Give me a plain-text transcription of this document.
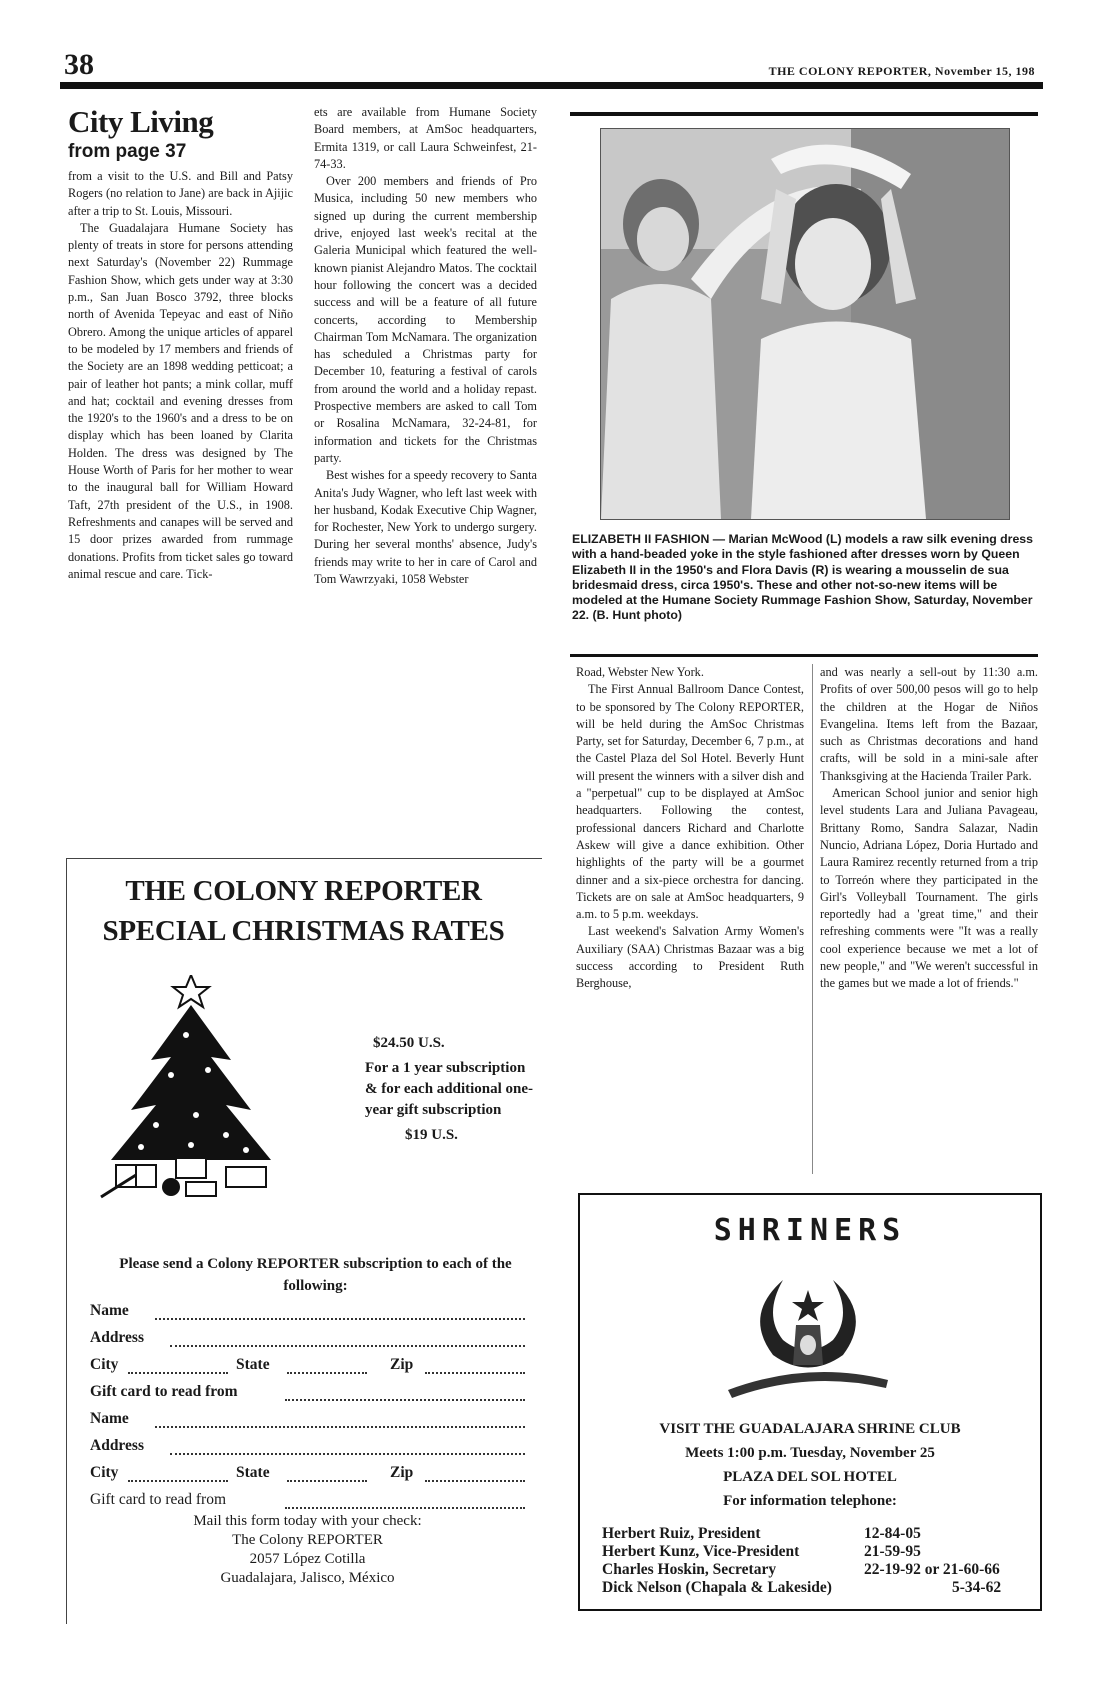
38	THE COLONY REPORTER, November 15, 198
City Living
from page 37

from a visit to the U.S. and Bill and Patsy Rogers (no relation to Jane) are back in Ajijic after a trip to St. Louis, Missouri.

The Guadalajara Humane Society has plenty of treats in store for persons attending next Saturday's (November 22) Rummage Fashion Show, which gets under way at 3:30 p.m., San Juan Bosco 3792, three blocks north of Avenida Tepeyac and east of Niño Obrero. Among the unique articles of apparel to be modeled by 17 members and friends of the Society are an 1898 wedding petticoat; a pair of leather hot pants; a mink collar, muff and hat; cocktail and evening dresses from the 1920's to the 1960's and a dress to be on display which has been loaned by Clarita Holden. The dress was designed by The House Worth of Paris for her mother to wear to the inaugural ball for William Howard Taft, 27th president of the U.S., in 1908. Refreshments and canapes will be served and 15 door prizes awarded from rummage donations. Profits from ticket sales go toward animal rescue and care. Tick-

ets are available from Humane Society Board members, at AmSoc headquarters, Ermita 1319, or call Laura Schweinfest, 21-74-33.

Over 200 members and friends of Pro Musica, including 50 new members who signed up during the current membership drive, enjoyed last week's recital at the Galeria Municipal which featured the well-known pianist Alejandro Matos. The cocktail hour following the concert was a decided success and will be a feature of all future concerts, according to Membership Chairman Tom McNamara. The organization has scheduled a Christmas party for December 10, featuring a festival of carols from around the world and a holiday repast. Prospective members are asked to call Tom or Rosalina McNamara, 32-24-81, for information and tickets for the Christmas party.

Best wishes for a speedy recovery to Santa Anita's Judy Wagner, who left last week with her husband, Kodak Executive Chip Wagner, for Rochester, New York to undergo surgery. During her several months' absence, Judy's friends may write to her in care of Carol and Tom Wawrzyaki, 1058 Webster

ELIZABETH II FASHION — Marian McWood (L) models a raw silk evening dress with a hand-beaded yoke in the style fashioned after dresses worn by Queen Elizabeth II in the 1950's and Flora Davis (R) is wearing a mousselin de sua bridesmaid dress, circa 1950's. These and other not-so-new items will be modeled at the Humane Society Rummage Fashion Show, Saturday, November 22. (B. Hunt photo)

Road, Webster New York.

The First Annual Ballroom Dance Contest, to be sponsored by The Colony REPORTER, will be held during the AmSoc Christmas Party, set for Saturday, December 6, 7 p.m., at the Castel Plaza del Sol Hotel. Beverly Hunt will present the winners with a silver dish and a "perpetual" cup to be displayed at AmSoc headquarters. Following the contest, professional dancers Richard and Charlotte Askew will give a dance exhibition. Other highlights of the party will be a gourmet dinner and a six-piece orchestra for dancing. Tickets are on sale at AmSoc headquarters, 9 a.m. to 5 p.m. weekdays.

Last weekend's Salvation Army Women's Auxiliary (SAA) Christmas Bazaar was a big success according to President Ruth Berghouse,

and was nearly a sell-out by 11:30 a.m. Profits of over 500,00 pesos will go to help the children at the Hogar de Niños Evangelina. Items left from the Bazaar, such as Christmas decorations and hand crafts, will be sold in a mini-sale after Thanksgiving at the Hacienda Trailer Park.

American School junior and senior high level students Lara and Juliana Pavageau, Brittany Romo, Sandra Salazar, Nadin Nuncio, Adriana López, Doria Hurtado and Laura Ramirez recently returned from a trip to Torreón where they participated in the Girl's Volleyball Tournament. The girls reportedly had a 'great time," and their refreshing comments were "It was a really cool experience because we met a lot of new people," and "We weren't successful in the games but we made a lot of friends."

THE COLONY REPORTER
SPECIAL CHRISTMAS RATES
$24.50 U.S.
For a 1 year subscription & for each additional one-year gift subscription
$19 U.S.
Please send a Colony REPORTER subscription to each of the following:
Name
Address
City	State	Zip
Gift card to read from
Name
Address
City	State	Zip
Gift card to read from
Mail this form today with your check:
The Colony REPORTER
2057 López Cotilla
Guadalajara, Jalisco, México
SHRINERS
VISIT THE GUADALAJARA SHRINE CLUB
Meets 1:00 p.m. Tuesday, November 25
PLAZA DEL SOL HOTEL
For information telephone:
Herbert Ruiz, President	12-84-05
Herbert Kunz, Vice-President	21-59-95
Charles Hoskin, Secretary	22-19-92 or 21-60-66
Dick Nelson (Chapala & Lakeside)	5-34-62
